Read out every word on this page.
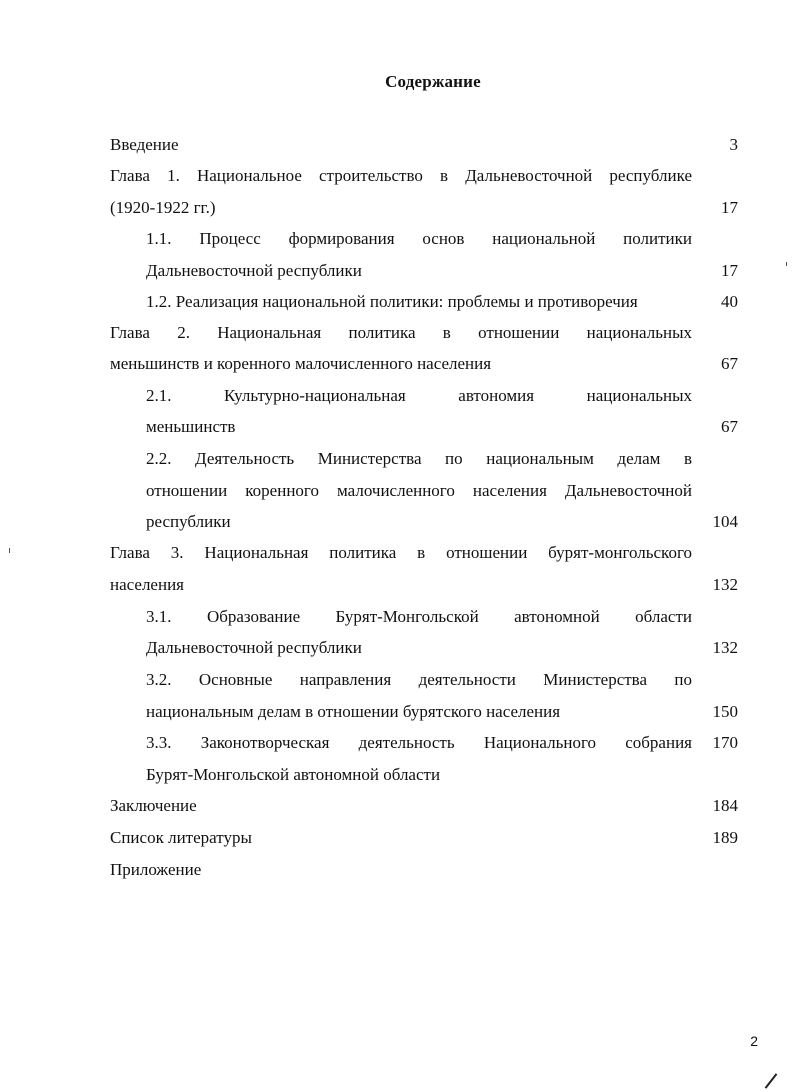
Содержание
Введение	3
Глава 1. Национальное строительство в Дальневосточной республике
(1920-1922 гг.)	17
1.1. Процесс формирования основ национальной политики
Дальневосточной республики	17
1.2. Реализация национальной политики: проблемы и противоречия	40
Глава 2. Национальная политика в отношении национальных
меньшинств и коренного малочисленного населения	67
2.1. Культурно-национальная автономия национальных
меньшинств	67
2.2. Деятельность Министерства по национальным делам в
отношении коренного малочисленного населения Дальневосточной
республики	104
Глава 3. Национальная политика в отношении бурят-монгольского
населения	132
3.1. Образование Бурят-Монгольской автономной области
Дальневосточной республики	132
3.2. Основные направления деятельности Министерства по
национальным делам в отношении бурятского населения	150
3.3. Законотворческая деятельность Национального собрания	170
Бурят-Монгольской автономной области
Заключение	184
Список литературы	189
Приложение
2
